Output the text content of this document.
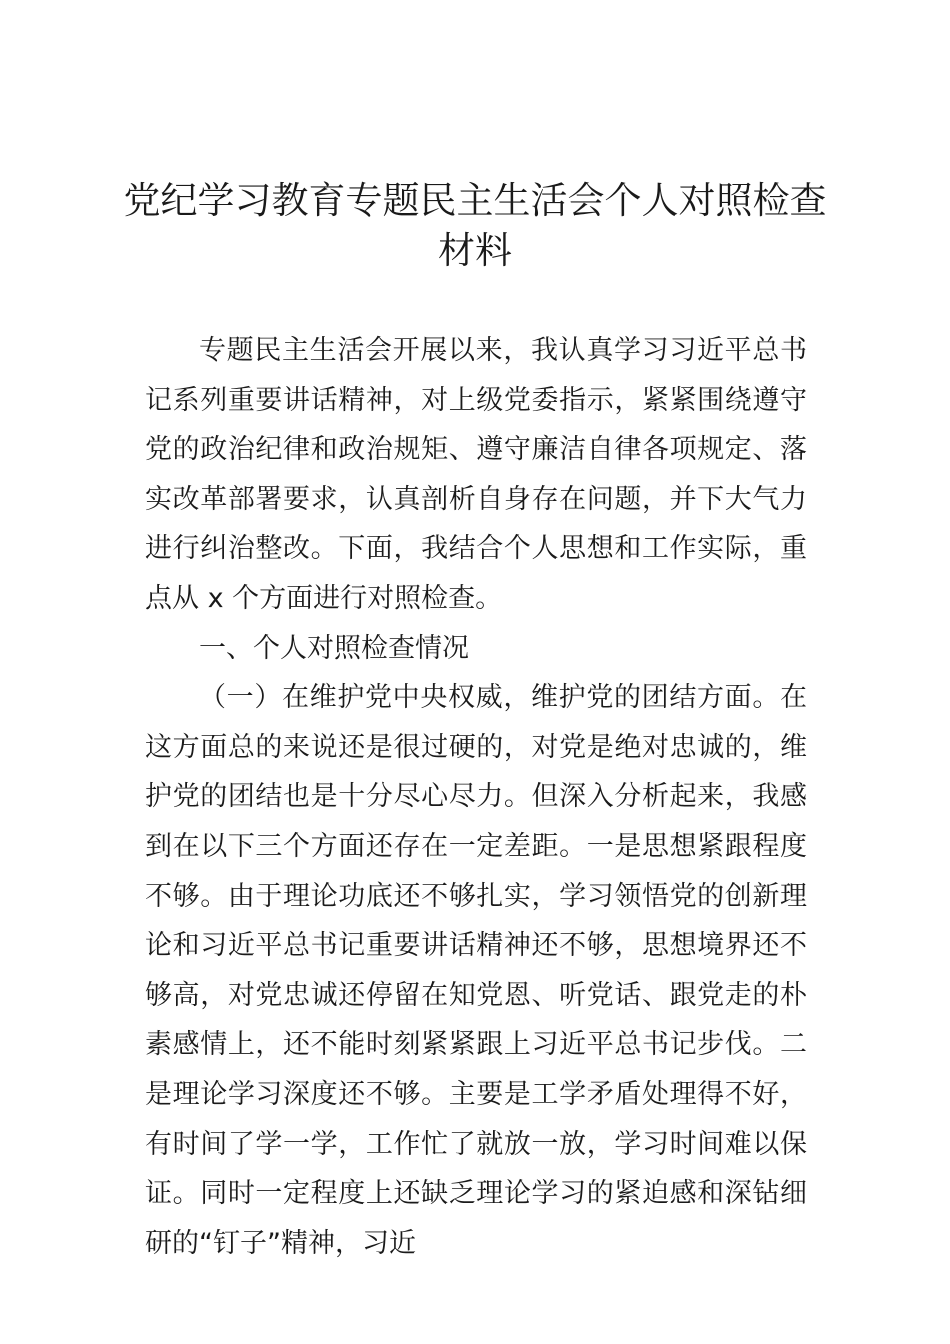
党纪学习教育专题民主生活会个人对照检查材料

专题民主生活会开展以来，我认真学习习近平总书记系列重要讲话精神，对上级党委指示，紧紧围绕遵守党的政治纪律和政治规矩、遵守廉洁自律各项规定、落实改革部署要求，认真剖析自身存在问题，并下大气力进行纠治整改。下面，我结合个人思想和工作实际，重点从 x 个方面进行对照检查。

一、个人对照检查情况

（一）在维护党中央权威，维护党的团结方面。在这方面总的来说还是很过硬的，对党是绝对忠诚的，维护党的团结也是十分尽心尽力。但深入分析起来，我感到在以下三个方面还存在一定差距。一是思想紧跟程度不够。由于理论功底还不够扎实，学习领悟党的创新理论和习近平总书记重要讲话精神还不够，思想境界还不够高，对党忠诚还停留在知党恩、听党话、跟党走的朴素感情上，还不能时刻紧紧跟上习近平总书记步伐。二是理论学习深度还不够。主要是工学矛盾处理得不好，有时间了学一学，工作忙了就放一放，学习时间难以保证。同时一定程度上还缺乏理论学习的紧迫感和深钻细研的“钉子”精神，习近
